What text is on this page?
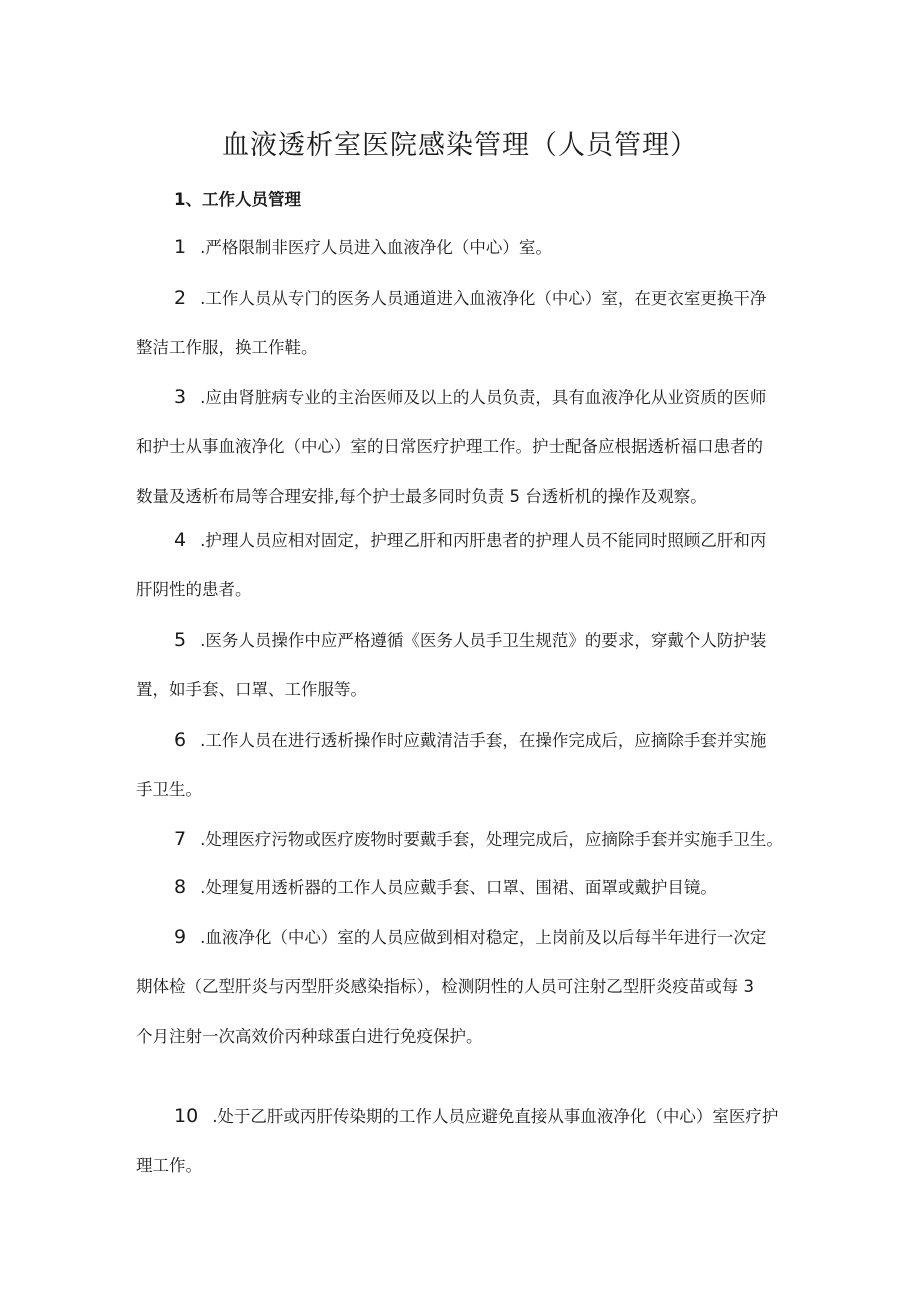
血液透析室医院感染管理（人员管理）
1、工作人员管理

1 .严格限制非医疗人员进入血液净化（中心）室。

2 .工作人员从专门的医务人员通道进入血液净化（中心）室，在更衣室更换干净
整洁工作服，换工作鞋。

3 .应由肾脏病专业的主治医师及以上的人员负责，具有血液净化从业资质的医师
和护士从事血液净化（中心）室的日常医疗护理工作。护士配备应根据透析福口患者的
数量及透析布局等合理安排,每个护士最多同时负责 5 台透析机的操作及观察。

4 .护理人员应相对固定，护理乙肝和丙肝患者的护理人员不能同时照顾乙肝和丙
肝阴性的患者。

5 .医务人员操作中应严格遵循《医务人员手卫生规范》的要求，穿戴个人防护装
置，如手套、口罩、工作服等。

6 .工作人员在进行透析操作时应戴清洁手套，在操作完成后，应摘除手套并实施
手卫生。

7 .处理医疗污物或医疗废物时要戴手套，处理完成后，应摘除手套并实施手卫生。

8 .处理复用透析器的工作人员应戴手套、口罩、围裙、面罩或戴护目镜。

9 .血液净化（中心）室的人员应做到相对稳定，上岗前及以后每半年进行一次定
期体检（乙型肝炎与丙型肝炎感染指标），检测阴性的人员可注射乙型肝炎疫苗或每 3
个月注射一次高效价丙种球蛋白进行免疫保护。

10 .处于乙肝或丙肝传染期的工作人员应避免直接从事血液净化（中心）室医疗护
理工作。
